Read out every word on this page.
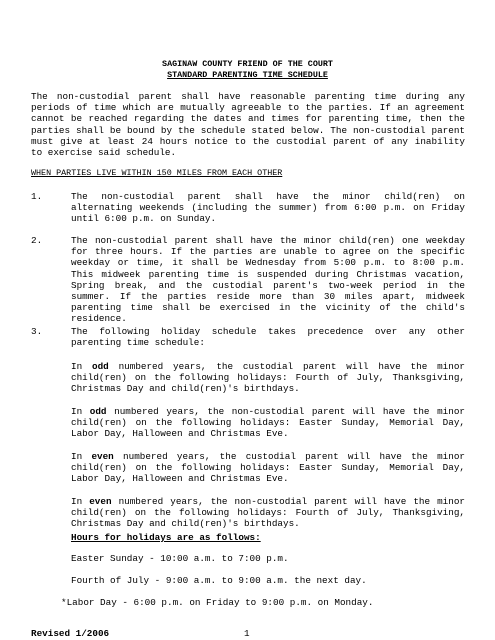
SAGINAW COUNTY FRIEND OF THE COURT
STANDARD PARENTING TIME SCHEDULE
The non-custodial parent shall have reasonable parenting time during any periods of time which are mutually agreeable to the parties. If an agreement cannot be reached regarding the dates and times for parenting time, then the parties shall be bound by the schedule stated below. The non-custodial parent must give at least 24 hours notice to the custodial parent of any inability to exercise said schedule.
WHEN PARTIES LIVE WITHIN 150 MILES FROM EACH OTHER
1.	The non-custodial parent shall have the minor child(ren) on alternating weekends (including the summer) from 6:00 p.m. on Friday until 6:00 p.m. on Sunday.
2.	The non-custodial parent shall have the minor child(ren) one weekday for three hours. If the parties are unable to agree on the specific weekday or time, it shall be Wednesday from 5:00 p.m. to 8:00 p.m. This midweek parenting time is suspended during Christmas vacation, Spring break, and the custodial parent's two-week period in the summer. If the parties reside more than 30 miles apart, midweek parenting time shall be exercised in the vicinity of the child's residence.
3.	The following holiday schedule takes precedence over any other parenting time schedule:
In odd numbered years, the custodial parent will have the minor child(ren) on the following holidays: Fourth of July, Thanksgiving, Christmas Day and child(ren)'s birthdays.
In odd numbered years, the non-custodial parent will have the minor child(ren) on the following holidays: Easter Sunday, Memorial Day, Labor Day, Halloween and Christmas Eve.
In even numbered years, the custodial parent will have the minor child(ren) on the following holidays: Easter Sunday, Memorial Day, Labor Day, Halloween and Christmas Eve.
In even numbered years, the non-custodial parent will have the minor child(ren) on the following holidays: Fourth of July, Thanksgiving, Christmas Day and child(ren)'s birthdays.
Hours for holidays are as follows:
Easter Sunday - 10:00 a.m. to 7:00 p.m.
Fourth of July - 9:00 a.m. to 9:00 a.m. the next day.
*Labor Day - 6:00 p.m. on Friday to 9:00 p.m. on Monday.
Revised 1/2006	1
